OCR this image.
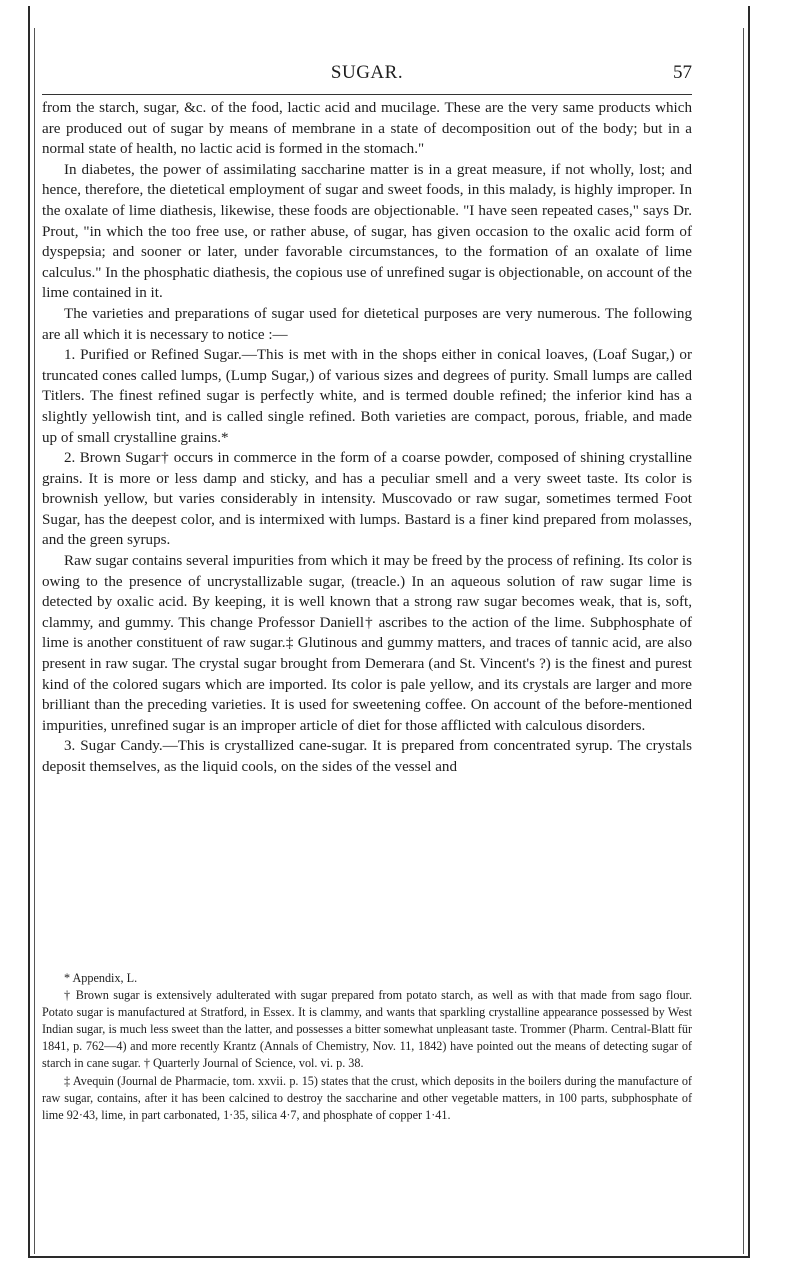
SUGAR.	57

from the starch, sugar, &c. of the food, lactic acid and mucilage. These are the very same products which are produced out of sugar by means of membrane in a state of decomposition out of the body; but in a normal state of health, no lactic acid is formed in the stomach."

In diabetes, the power of assimilating saccharine matter is in a great measure, if not wholly, lost; and hence, therefore, the dietetical employment of sugar and sweet foods, in this malady, is highly improper. In the oxalate of lime diathesis, likewise, these foods are objectionable. "I have seen repeated cases," says Dr. Prout, "in which the too free use, or rather abuse, of sugar, has given occasion to the oxalic acid form of dyspepsia; and sooner or later, under favorable circumstances, to the formation of an oxalate of lime calculus." In the phosphatic diathesis, the copious use of unrefined sugar is objectionable, on account of the lime contained in it.

The varieties and preparations of sugar used for dietetical purposes are very numerous. The following are all which it is necessary to notice :—

1. Purified or Refined Sugar.—This is met with in the shops either in conical loaves, (Loaf Sugar,) or truncated cones called lumps, (Lump Sugar,) of various sizes and degrees of purity. Small lumps are called Titlers. The finest refined sugar is perfectly white, and is termed double refined; the inferior kind has a slightly yellowish tint, and is called single refined. Both varieties are compact, porous, friable, and made up of small crystalline grains.*

2. Brown Sugar† occurs in commerce in the form of a coarse powder, composed of shining crystalline grains. It is more or less damp and sticky, and has a peculiar smell and a very sweet taste. Its color is brownish yellow, but varies considerably in intensity. Muscovado or raw sugar, sometimes termed Foot Sugar, has the deepest color, and is intermixed with lumps. Bastard is a finer kind prepared from molasses, and the green syrups.

Raw sugar contains several impurities from which it may be freed by the process of refining. Its color is owing to the presence of uncrystallizable sugar, (treacle.) In an aqueous solution of raw sugar lime is detected by oxalic acid. By keeping, it is well known that a strong raw sugar becomes weak, that is, soft, clammy, and gummy. This change Professor Daniell† ascribes to the action of the lime. Subphosphate of lime is another constituent of raw sugar.‡ Glutinous and gummy matters, and traces of tannic acid, are also present in raw sugar. The crystal sugar brought from Demerara (and St. Vincent's ?) is the finest and purest kind of the colored sugars which are imported. Its color is pale yellow, and its crystals are larger and more brilliant than the preceding varieties. It is used for sweetening coffee. On account of the before-mentioned impurities, unrefined sugar is an improper article of diet for those afflicted with calculous disorders.

3. Sugar Candy.—This is crystallized cane-sugar. It is prepared from concentrated syrup. The crystals deposit themselves, as the liquid cools, on the sides of the vessel and

* Appendix, L.

† Brown sugar is extensively adulterated with sugar prepared from potato starch, as well as with that made from sago flour. Potato sugar is manufactured at Stratford, in Essex. It is clammy, and wants that sparkling crystalline appearance possessed by West Indian sugar, is much less sweet than the latter, and possesses a bitter somewhat unpleasant taste. Trommer (Pharm. Central-Blatt für 1841, p. 762—4) and more recently Krantz (Annals of Chemistry, Nov. 11, 1842) have pointed out the means of detecting sugar of starch in cane sugar. † Quarterly Journal of Science, vol. vi. p. 38.

‡ Avequin (Journal de Pharmacie, tom. xxvii. p. 15) states that the crust, which deposits in the boilers during the manufacture of raw sugar, contains, after it has been calcined to destroy the saccharine and other vegetable matters, in 100 parts, subphosphate of lime 92·43, lime, in part carbonated, 1·35, silica 4·7, and phosphate of copper 1·41.
